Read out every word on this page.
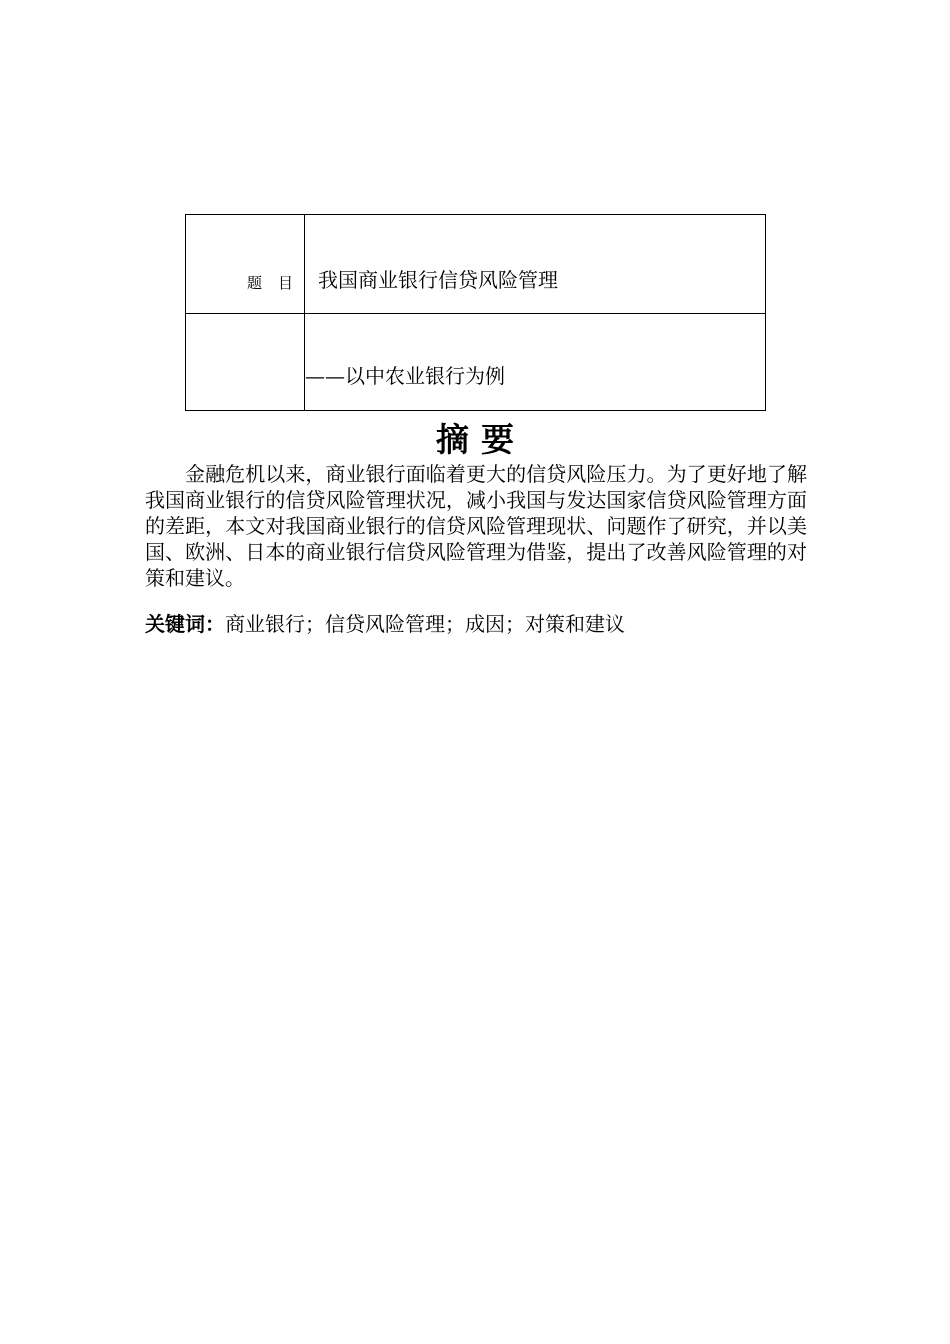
题目	我国商业银行信贷风险管理

	——以中农业银行为例
摘要

金融危机以来，商业银行面临着更大的信贷风险压力。为了更好地了解我国商业银行的信贷风险管理状况，减小我国与发达国家信贷风险管理方面的差距，本文对我国商业银行的信贷风险管理现状、问题作了研究，并以美国、欧洲、日本的商业银行信贷风险管理为借鉴，提出了改善风险管理的对策和建议。

关键词：商业银行；信贷风险管理；成因；对策和建议
